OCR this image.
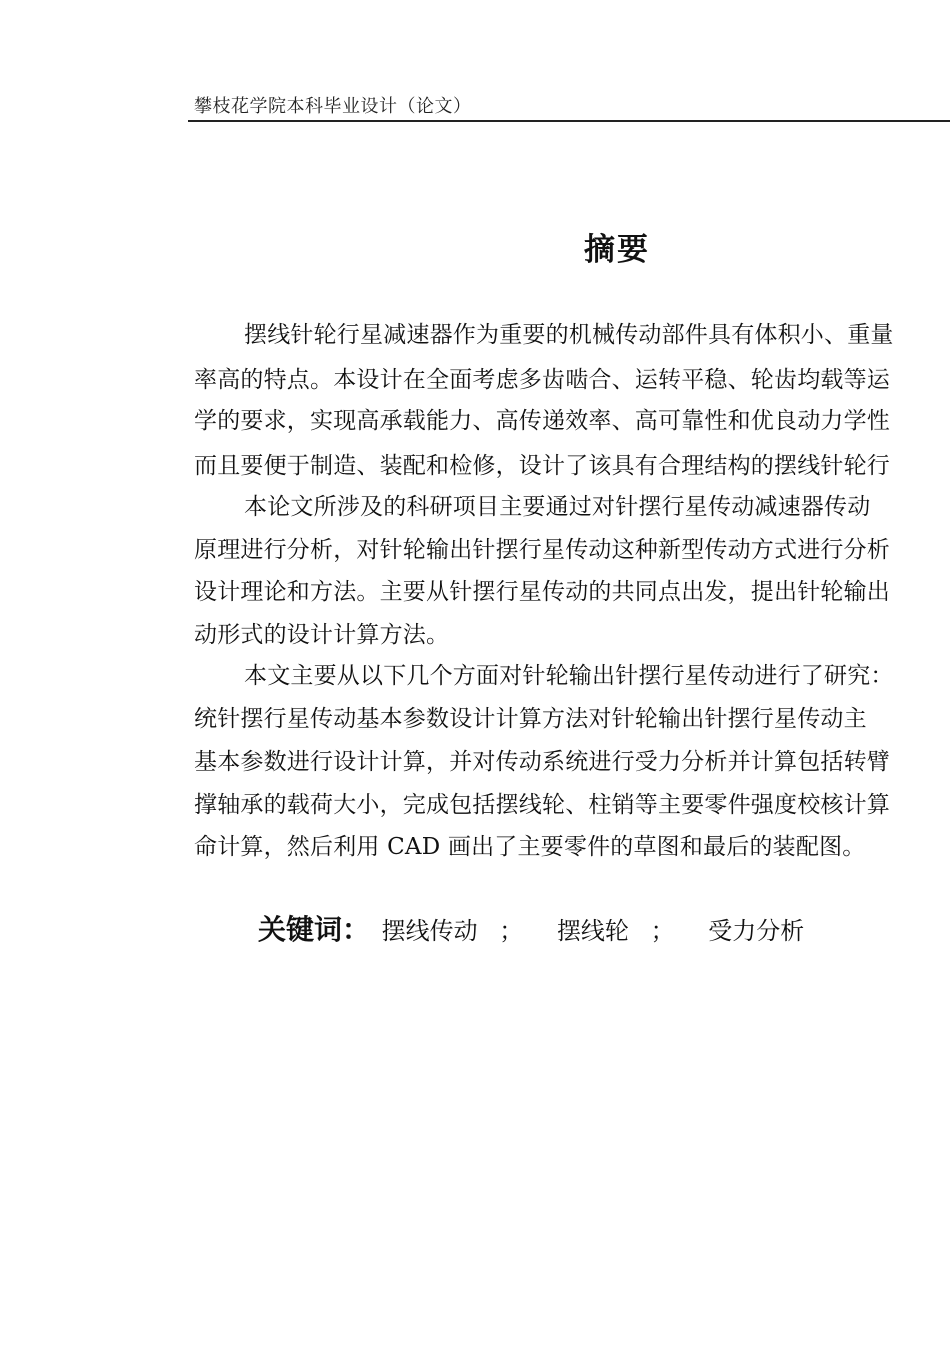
攀枝花学院本科毕业设计（论文）
摘要
摆线针轮行星减速器作为重要的机械传动部件具有体积小、重量
率高的特点。本设计在全面考虑多齿啮合、运转平稳、轮齿均载等运
学的要求，实现高承载能力、高传递效率、高可靠性和优良动力学性
而且要便于制造、装配和检修，设计了该具有合理结构的摆线针轮行
本论文所涉及的科研项目主要通过对针摆行星传动减速器传动
原理进行分析，对针轮输出针摆行星传动这种新型传动方式进行分析
设计理论和方法。主要从针摆行星传动的共同点出发，提出针轮输出
动形式的设计计算方法。
本文主要从以下几个方面对针轮输出针摆行星传动进行了研究：
统针摆行星传动基本参数设计计算方法对针轮输出针摆行星传动主
基本参数进行设计计算，并对传动系统进行受力分析并计算包括转臂
撑轴承的载荷大小，完成包括摆线轮、柱销等主要零件强度校核计算
命计算，然后利用 CAD 画出了主要零件的草图和最后的装配图。
关键词： 摆线传动 ； 摆线轮 ； 受力分析
